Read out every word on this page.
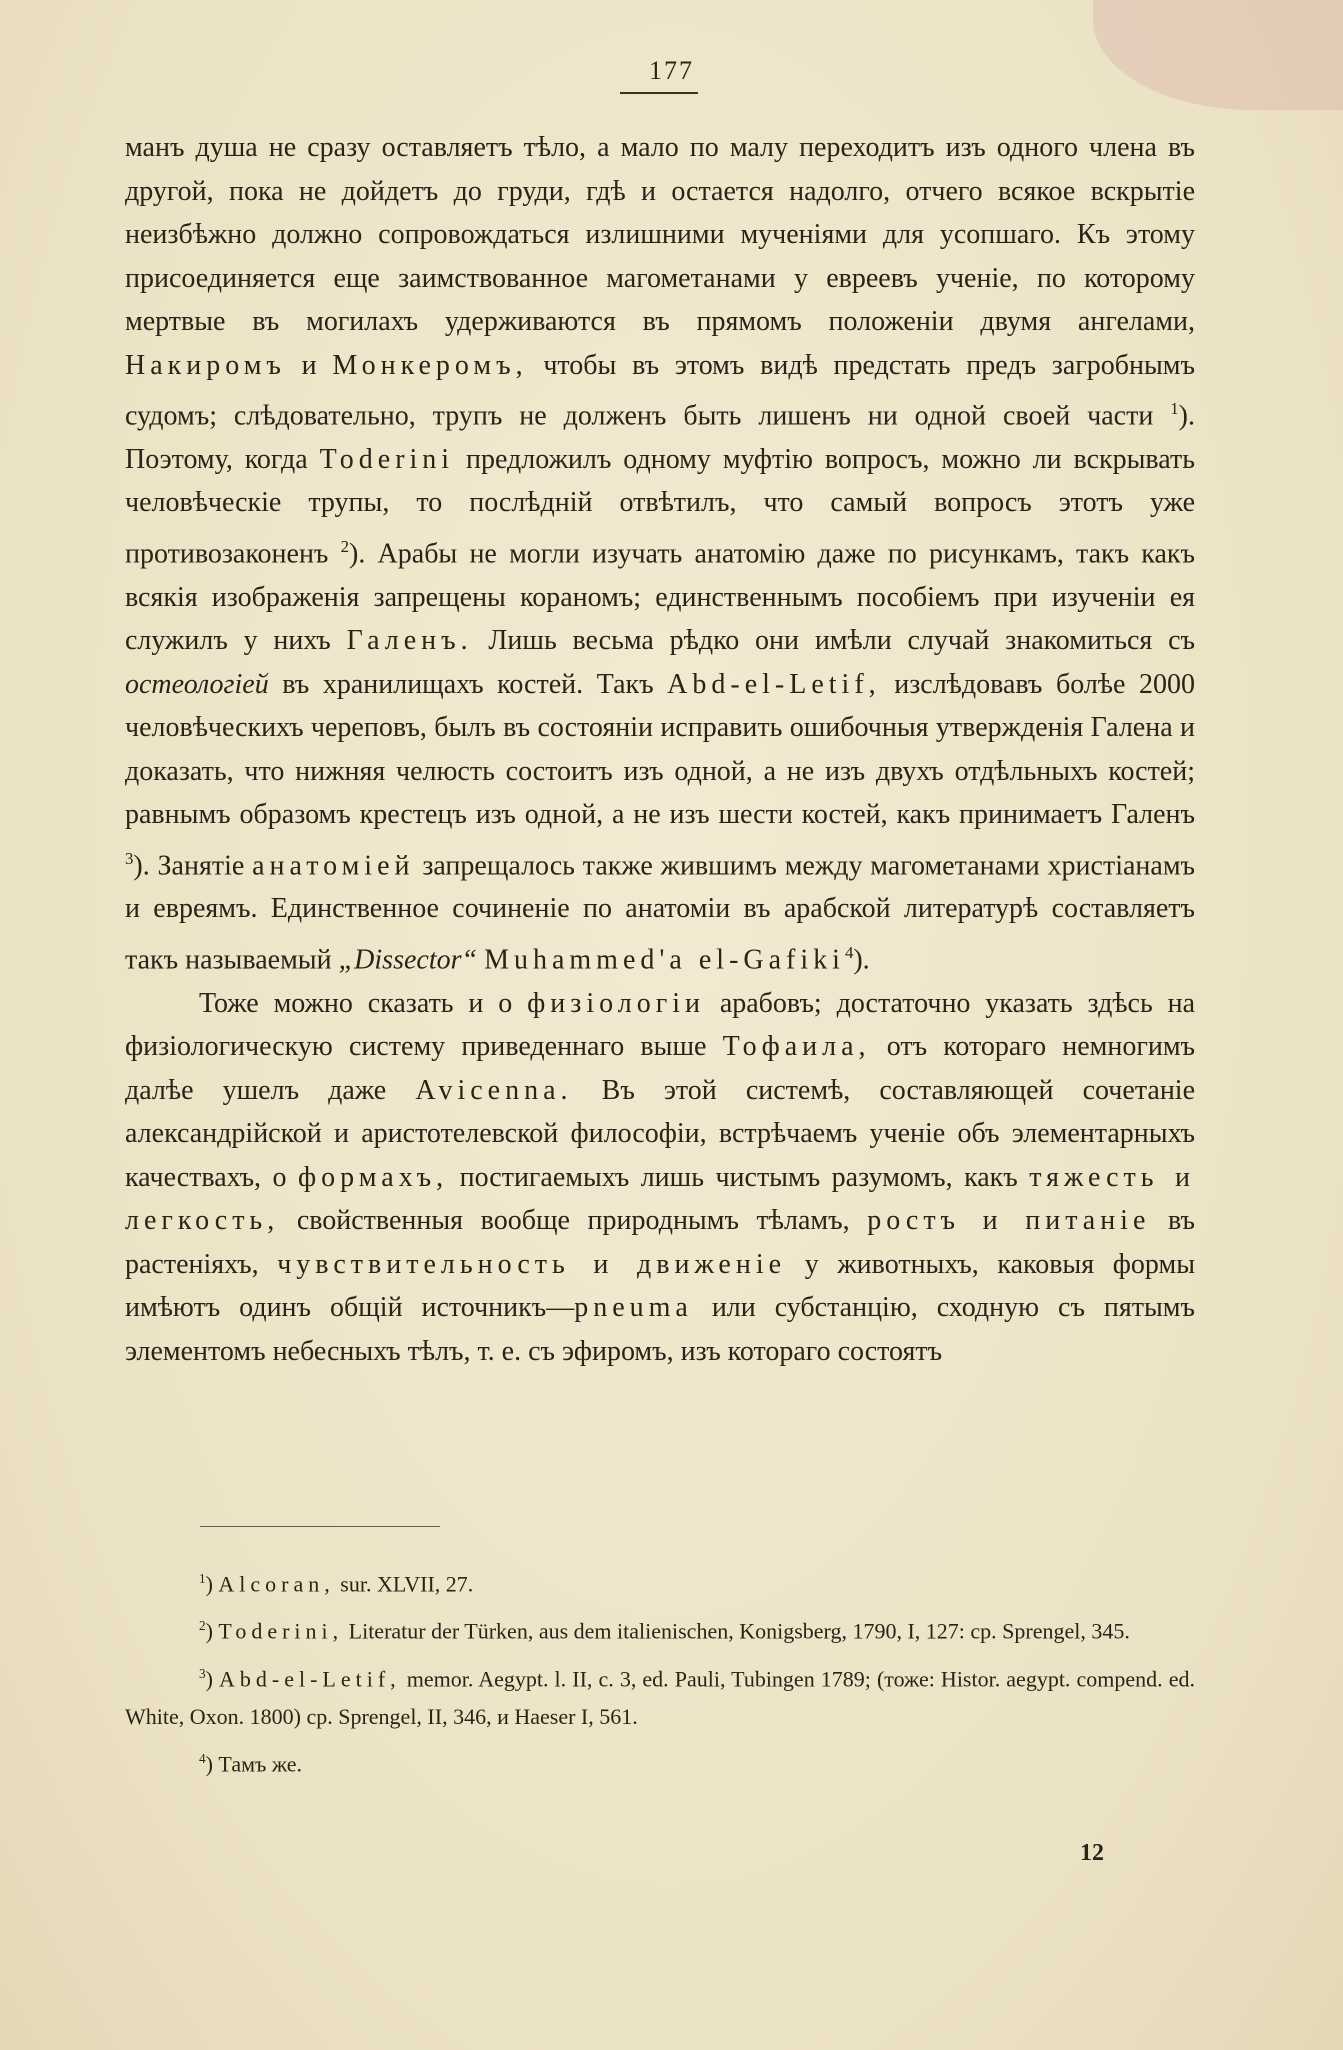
177

манъ душа не сразу оставляетъ тѣло, а мало по малу переходитъ изъ одного члена въ другой, пока не дойдетъ до груди, гдѣ и остается надолго, отчего всякое вскрытіе неизбѣжно должно сопровождаться излишними мученіями для усопшаго. Къ этому присоединяется еще заимствованное магометанами у евреевъ ученіе, по которому мертвые въ могилахъ удерживаются въ прямомъ положеніи двумя ангелами, Накиромъ и Монкеромъ, чтобы въ этомъ видѣ предстать предъ загробнымъ судомъ; слѣдовательно, трупъ не долженъ быть лишенъ ни одной своей части $^1$). Поэтому, когда Toderini предложилъ одному муфтію вопросъ, можно ли вскрывать человѣческіе трупы, то послѣдній отвѣтилъ, что самый вопросъ этотъ уже противозаконенъ $^2$). Арабы не могли изучать анатомію даже по рисункамъ, такъ какъ всякія изображенія запрещены кораномъ; единственнымъ пособіемъ при изученіи ея служилъ у нихъ Галенъ. Лишь весьма рѣдко они имѣли случай знакомиться съ остеологіей въ хранилищахъ костей. Такъ Abd-el-Letif, изслѣдовавъ болѣе 2000 человѣческихъ череповъ, былъ въ состояніи исправить ошибочныя утвержденія Галена и доказать, что нижняя челюсть состоитъ изъ одной, а не изъ двухъ отдѣльныхъ костей; равнымъ образомъ крестецъ изъ одной, а не изъ шести костей, какъ принимаетъ Галенъ $^3$). Занятіе анатоміей запрещалось также жившимъ между магометанами христіанамъ и евреямъ. Единственное сочиненіе по анатоміи въ арабской литературѣ составляетъ такъ называемый „Dissector“ Muhammed'a el-Gafiki$^4$).

Тоже можно сказать и о физіологіи арабовъ; достаточно указать здѣсь на физіологическую систему приведеннаго выше Тофаила, отъ котораго немногимъ далѣе ушелъ даже Avicenna. Въ этой системѣ, составляющей сочетаніе александрійской и аристотелевской философіи, встрѣчаемъ ученіе объ элементарныхъ качествахъ, о формахъ, постигаемыхъ лишь чистымъ разумомъ, какъ тяжесть и легкость, свойственныя вообще природнымъ тѣламъ, ростъ и питаніе въ растеніяхъ, чувствительность и движеніе у животныхъ, каковыя формы имѣютъ одинъ общій источникъ—pneuma или субстанцію, сходную съ пятымъ элементомъ небесныхъ тѣлъ, т. е. съ эфиромъ, изъ котораго состоятъ

$^1$) Alcoran, sur. XLVII, 27.

$^2$) Toderini, Literatur der Türken, aus dem italienischen, Konigsberg, 1790, I, 127: cp. Sprengel, 345.

$^3$) Abd-el-Letif, memor. Aegypt. l. II, c. 3, ed. Pauli, Tubingen 1789; (тоже: Histor. aegypt. compend. ed. White, Oxon. 1800) cp. Sprengel, II, 346, и Haeser I, 561.

$^4$) Тамъ же.

12
